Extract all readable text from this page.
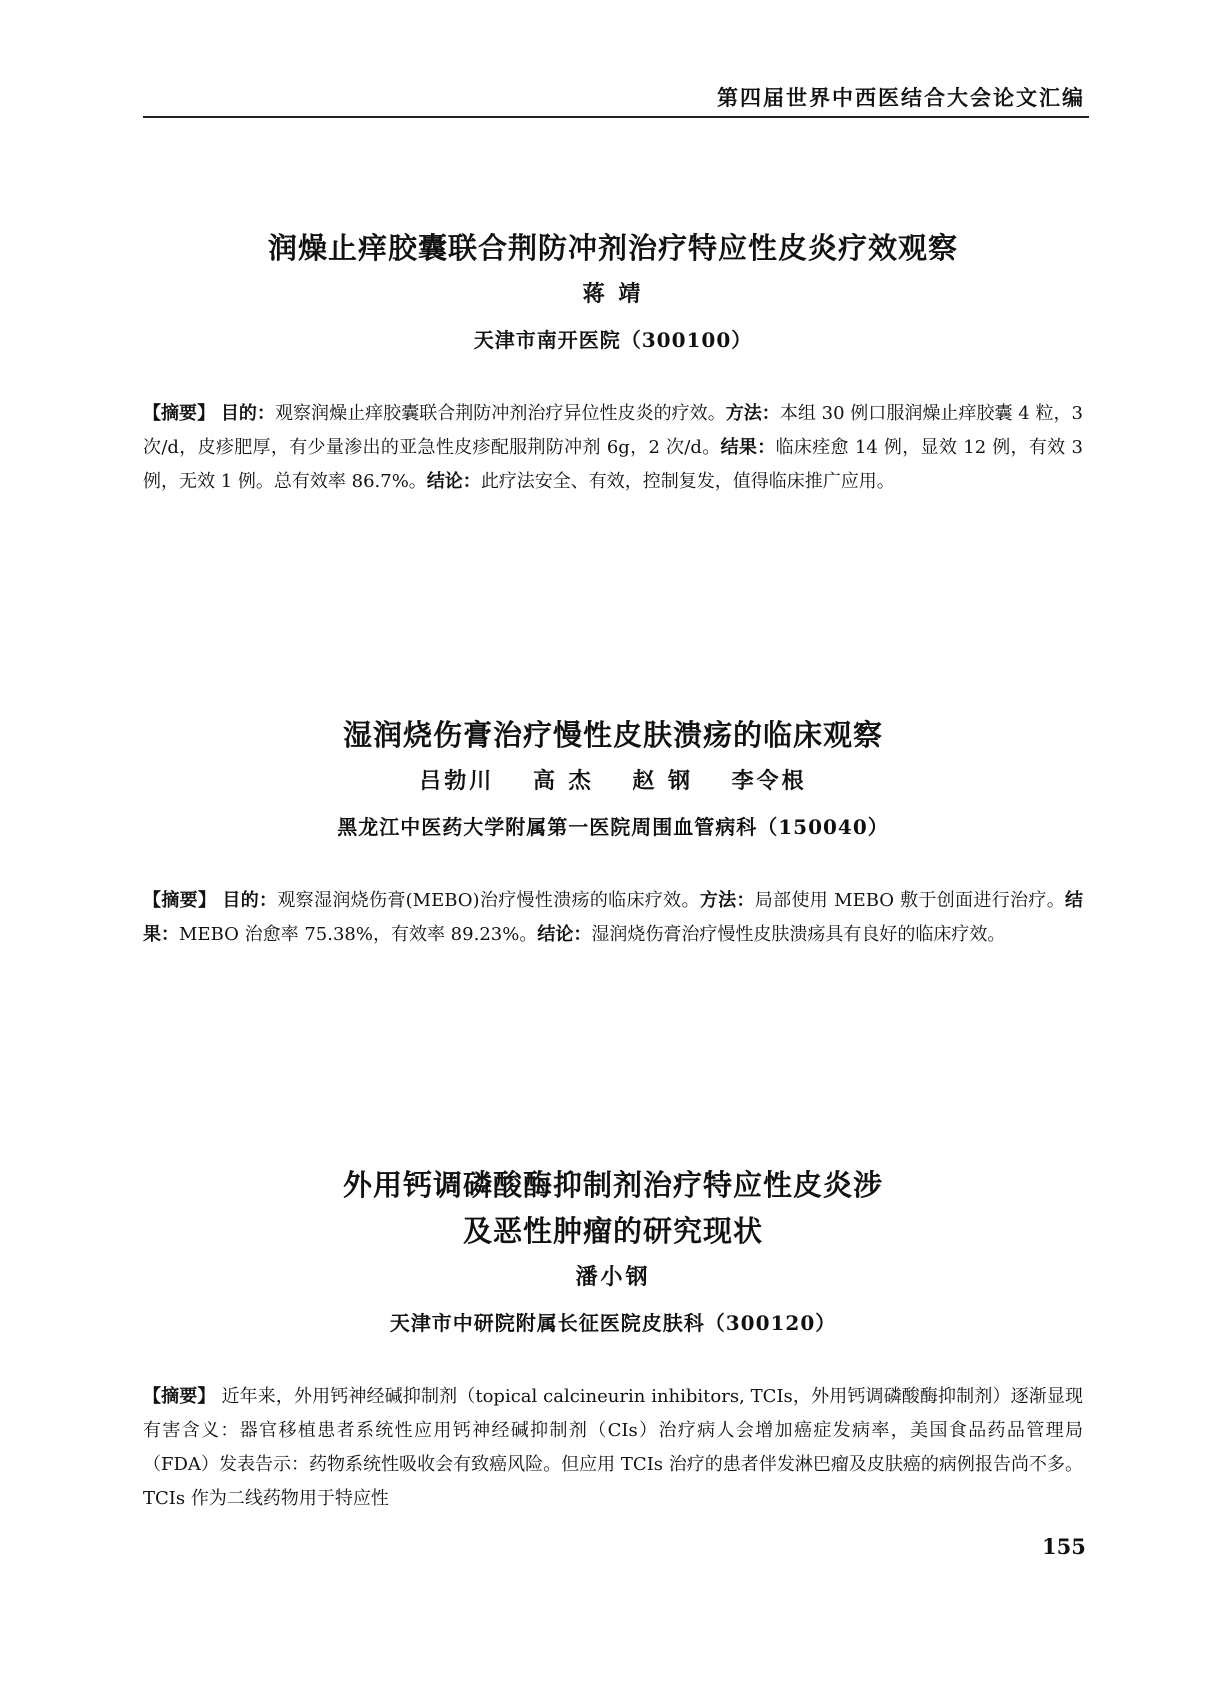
第四届世界中西医结合大会论文汇编
润燥止痒胶囊联合荆防冲剂治疗特应性皮炎疗效观察
蒋 靖
天津市南开医院（300100）
【摘要】 目的：观察润燥止痒胶囊联合荆防冲剂治疗异位性皮炎的疗效。方法：本组 30 例口服润燥止痒胶囊 4 粒，3 次/d，皮疹肥厚，有少量渗出的亚急性皮疹配服荆防冲剂 6g，2 次/d。结果：临床痊愈 14 例，显效 12 例，有效 3 例，无效 1 例。总有效率 86.7%。结论：此疗法安全、有效，控制复发，值得临床推广应用。
湿润烧伤膏治疗慢性皮肤溃疡的临床观察
吕勃川 高 杰 赵 钢 李令根
黑龙江中医药大学附属第一医院周围血管病科（150040）
【摘要】 目的：观察湿润烧伤膏(MEBO)治疗慢性溃疡的临床疗效。方法：局部使用 MEBO 敷于创面进行治疗。结果：MEBO 治愈率 75.38%，有效率 89.23%。结论：湿润烧伤膏治疗慢性皮肤溃疡具有良好的临床疗效。
外用钙调磷酸酶抑制剂治疗特应性皮炎涉
及恶性肿瘤的研究现状
潘小钢
天津市中研院附属长征医院皮肤科（300120）
【摘要】 近年来，外用钙神经碱抑制剂（topical calcineurin inhibitors, TCIs，外用钙调磷酸酶抑制剂）逐渐显现有害含义：器官移植患者系统性应用钙神经碱抑制剂（CIs）治疗病人会增加癌症发病率，美国食品药品管理局（FDA）发表告示：药物系统性吸收会有致癌风险。但应用 TCIs 治疗的患者伴发淋巴瘤及皮肤癌的病例报告尚不多。TCIs 作为二线药物用于特应性
155
